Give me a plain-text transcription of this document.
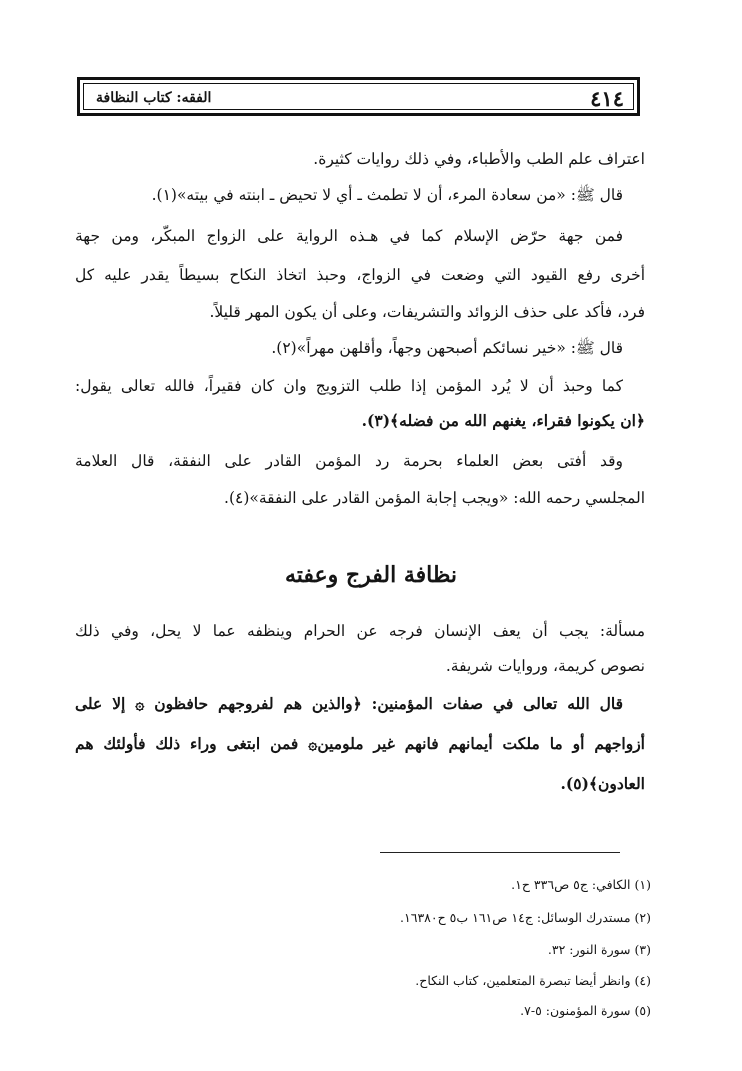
٤١٤
الفقه: كتاب النظافة
اعتراف علم الطب والأطباء، وفي ذلك روايات كثيرة.
قال ﷺ: «من سعادة المرء، أن لا تطمث ـ أي لا تحيض ـ ابنته في بيته»(١).
فمن جهة حرّض الإسلام كما في هـذه الرواية على الزواج المبكّر، ومن جهة
أخرى رفع القيود التي وضعت في الزواج، وحبذ اتخاذ النكاح بسيطاً يقدر عليه كل
فرد، فأكد على حذف الزوائد والتشريفات، وعلى أن يكون المهر قليلاً.
قال ﷺ: «خير نسائكم أصبحهن وجهاً، وأقلهن مهراً»(٢).
كما وحبذ أن لا يُرد المؤمن إذا طلب التزويج وان كان فقيراً، فالله تعالى يقول:
﴿ان يكونوا فقراء، يغنهم الله من فضله﴾(٣).
وقد أفتى بعض العلماء بحرمة رد المؤمن القادر على النفقة، قال العلامة
المجلسي رحمه الله: «ويجب إجابة المؤمن القادر على النفقة»(٤).
نظافة الفرج وعفته
مسألة: يجب أن يعف الإنسان فرجه عن الحرام وينظفه عما لا يحل، وفي ذلك
نصوص كريمة، وروايات شريفة.
قال الله تعالى في صفات المؤمنين: ﴿والذين هم لفروجهم حافظون ۞ إلا على
أزواجهم أو ما ملكت أيمانهم فانهم غير ملومين۞ فمن ابتغى وراء ذلك فأولئك هم
العادون﴾(٥).
(١) الكافي: ج٥ ص٣٣٦ ح١.
(٢) مستدرك الوسائل: ج١٤ ص١٦١ ب٥ ح١٦٣٨٠.
(٣) سورة النور: ٣٢.
(٤) وانظر أيضا تبصرة المتعلمين، كتاب النكاح.
(٥) سورة المؤمنون: ٥-٧.
